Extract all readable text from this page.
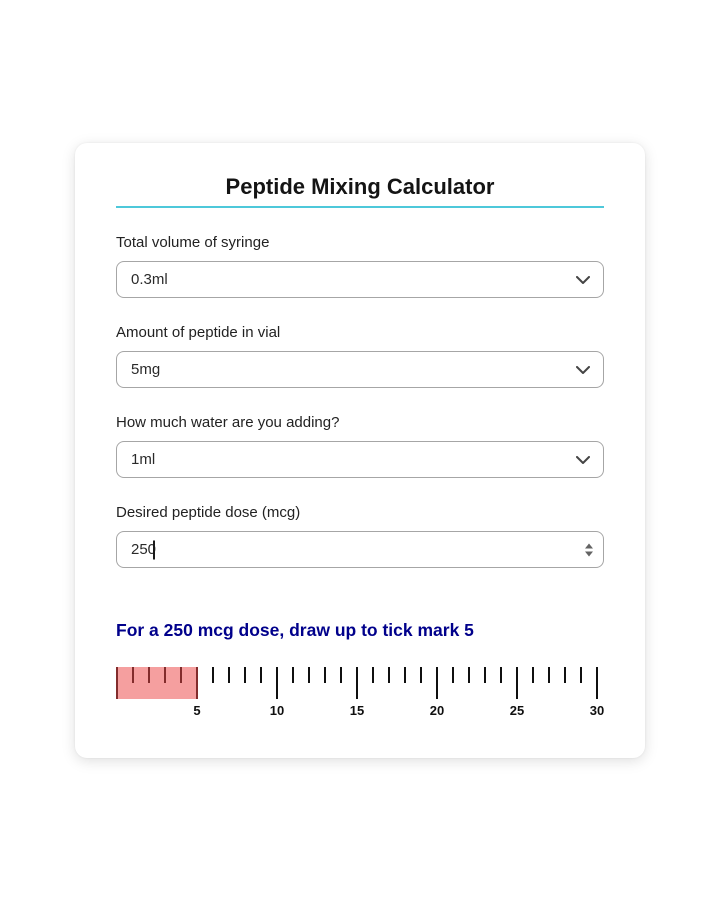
Peptide Mixing Calculator
Total volume of syringe
0.3ml
Amount of peptide in vial
5mg
How much water are you adding?
1ml
Desired peptide dose (mcg)
250
For a 250 mcg dose, draw up to tick mark 5
5	10	15	20	25	30
